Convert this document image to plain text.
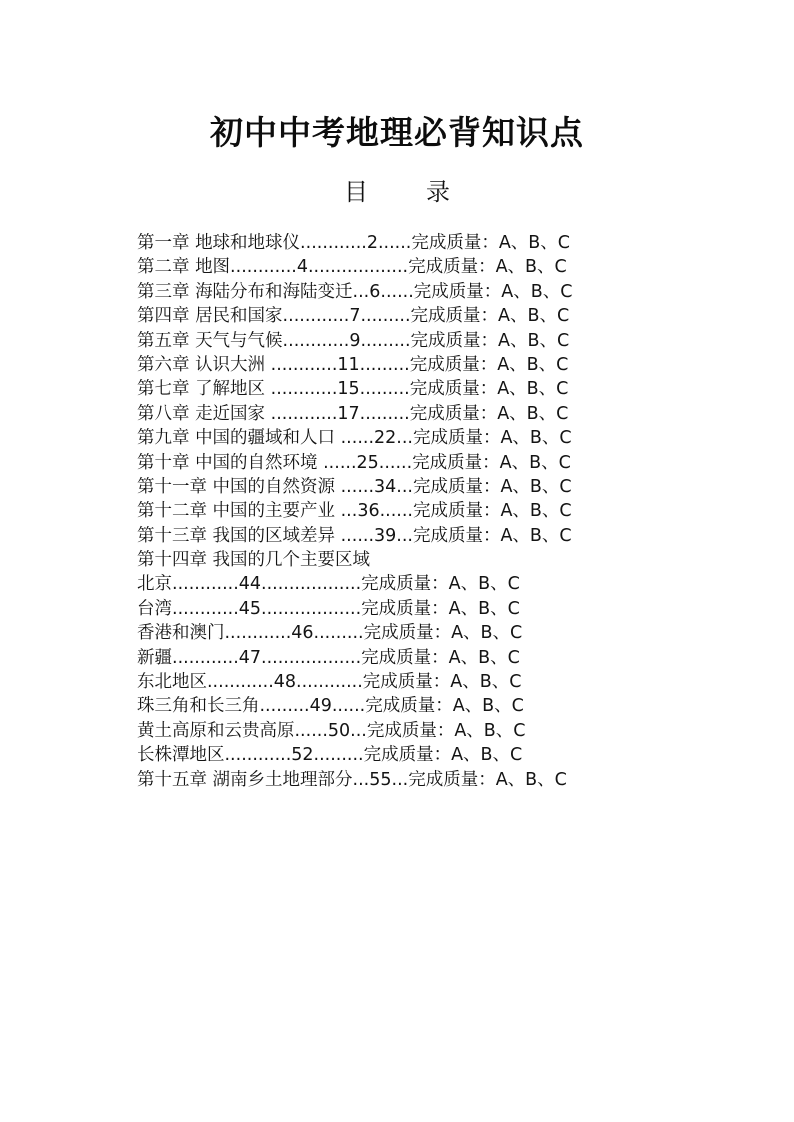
初中中考地理必背知识点
目 录
第一章 地球和地球仪............2......完成质量：A、B、C
第二章 地图............4..................完成质量：A、B、C
第三章 海陆分布和海陆变迁...6......完成质量：A、B、C
第四章 居民和国家............7.........完成质量：A、B、C
第五章 天气与气候............9.........完成质量：A、B、C
第六章 认识大洲 ............11.........完成质量：A、B、C
第七章 了解地区 ............15.........完成质量：A、B、C
第八章 走近国家 ............17.........完成质量：A、B、C
第九章 中国的疆域和人口 ......22...完成质量：A、B、C
第十章 中国的自然环境 ......25......完成质量：A、B、C
第十一章 中国的自然资源 ......34...完成质量：A、B、C
第十二章 中国的主要产业 ...36......完成质量：A、B、C
第十三章 我国的区域差异 ......39...完成质量：A、B、C
第十四章 我国的几个主要区域
北京............44..................完成质量：A、B、C
台湾............45..................完成质量：A、B、C
香港和澳门............46.........完成质量：A、B、C
新疆............47..................完成质量：A、B、C
东北地区............48............完成质量：A、B、C
珠三角和长三角.........49......完成质量：A、B、C
黄土高原和云贵高原......50...完成质量：A、B、C
长株潭地区............52.........完成质量：A、B、C
第十五章 湖南乡土地理部分...55...完成质量：A、B、C
